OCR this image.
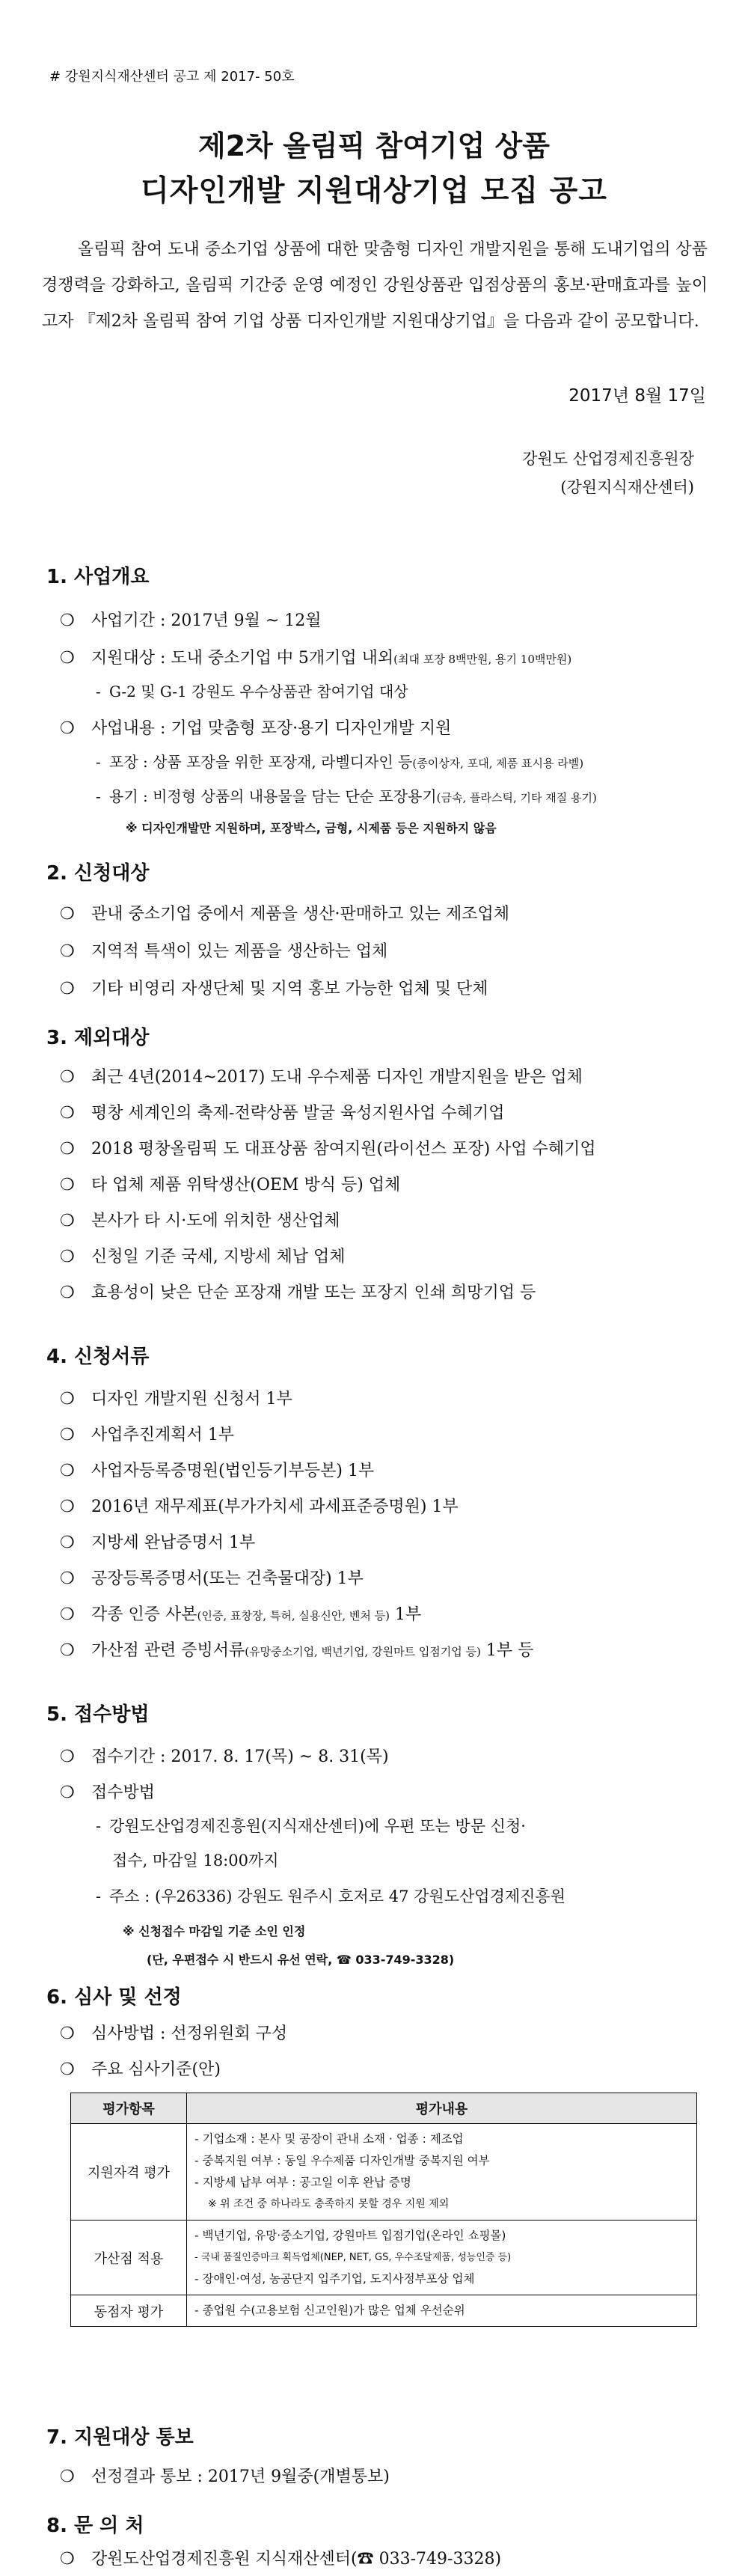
# 강원지식재산센터 공고 제 2017- 50호
제2차 올림픽 참여기업 상품
디자인개발 지원대상기업 모집 공고

올림픽 참여 도내 중소기업 상품에 대한 맞춤형 디자인 개발지원을 통해 도내기업의 상품 경쟁력을 강화하고, 올림픽 기간중 운영 예정인 강원상품관 입점상품의 홍보·판매효과를 높이고자 『제2차 올림픽 참여 기업 상품 디자인개발 지원대상기업』을 다음과 같이 공모합니다.

2017년 8월 17일
강원도 산업경제진흥원장
(강원지식재산센터)
1. 사업개요
❍ 사업기간 : 2017년 9월 ~ 12월
❍ 지원대상 : 도내 중소기업 中 5개기업 내외(최대 포장 8백만원, 용기 10백만원)
- G-2 및 G-1 강원도 우수상품관 참여기업 대상
❍ 사업내용 : 기업 맞춤형 포장·용기 디자인개발 지원
- 포장 : 상품 포장을 위한 포장재, 라벨디자인 등(종이상자, 포대, 제품 표시용 라벨)
- 용기 : 비정형 상품의 내용물을 담는 단순 포장용기(금속, 플라스틱, 기타 재질 용기)
※ 디자인개발만 지원하며, 포장박스, 금형, 시제품 등은 지원하지 않음
2. 신청대상
❍ 관내 중소기업 중에서 제품을 생산·판매하고 있는 제조업체
❍ 지역적 특색이 있는 제품을 생산하는 업체
❍ 기타 비영리 자생단체 및 지역 홍보 가능한 업체 및 단체
3. 제외대상
❍ 최근 4년(2014~2017) 도내 우수제품 디자인 개발지원을 받은 업체
❍ 평창 세계인의 축제-전략상품 발굴 육성지원사업 수혜기업
❍ 2018 평창올림픽 도 대표상품 참여지원(라이선스 포장) 사업 수혜기업
❍ 타 업체 제품 위탁생산(OEM 방식 등) 업체
❍ 본사가 타 시·도에 위치한 생산업체
❍ 신청일 기준 국세, 지방세 체납 업체
❍ 효용성이 낮은 단순 포장재 개발 또는 포장지 인쇄 희망기업 등
4. 신청서류
❍ 디자인 개발지원 신청서 1부
❍ 사업추진계획서 1부
❍ 사업자등록증명원(법인등기부등본) 1부
❍ 2016년 재무제표(부가가치세 과세표준증명원) 1부
❍ 지방세 완납증명서 1부
❍ 공장등록증명서(또는 건축물대장) 1부
❍ 각종 인증 사본(인증, 표창장, 특허, 실용신안, 벤처 등) 1부
❍ 가산점 관련 증빙서류(유망중소기업, 백년기업, 강원마트 입점기업 등) 1부 등
5. 접수방법
❍ 접수기간 : 2017. 8. 17(목) ~ 8. 31(목)
❍ 접수방법
- 강원도산업경제진흥원(지식재산센터)에 우편 또는 방문 신청·
접수, 마감일 18:00까지
- 주소 : (우26336) 강원도 원주시 호저로 47 강원도산업경제진흥원
※ 신청접수 마감일 기준 소인 인정
(단, 우편접수 시 반드시 유선 연락, ☎ 033-749-3328)
6. 심사 및 선정
7. 지원대상 통보
❍ 선정결과 통보 : 2017년 9월중(개별통보)
8. 문 의 처
❍ 강원도산업경제진흥원 지식재산센터(☎ 033-749-3328)
❍ 심사방법 : 선정위원회 구성
❍ 주요 심사기준(안)
평가항목	평가내용
지원자격 평가	- 기업소재 : 본사 및 공장이 관내 소재 · 업종 : 제조업
- 중복지원 여부 : 동일 우수제품 디자인개발 중복지원 여부
- 지방세 납부 여부 : 공고일 이후 완납 증명
※ 위 조건 중 하나라도 충족하지 못할 경우 지원 제외

가산점 적용	- 백년기업, 유망·중소기업, 강원마트 입점기업(온라인 쇼핑몰)
- 국내 품질인증마크 획득업체(NEP, NET, GS, 우수조달제품, 성능인증 등)
- 장애인·여성, 농공단지 입주기업, 도지사정부포상 업체

동점자 평가	- 종업원 수(고용보험 신고인원)가 많은 업체 우선순위
